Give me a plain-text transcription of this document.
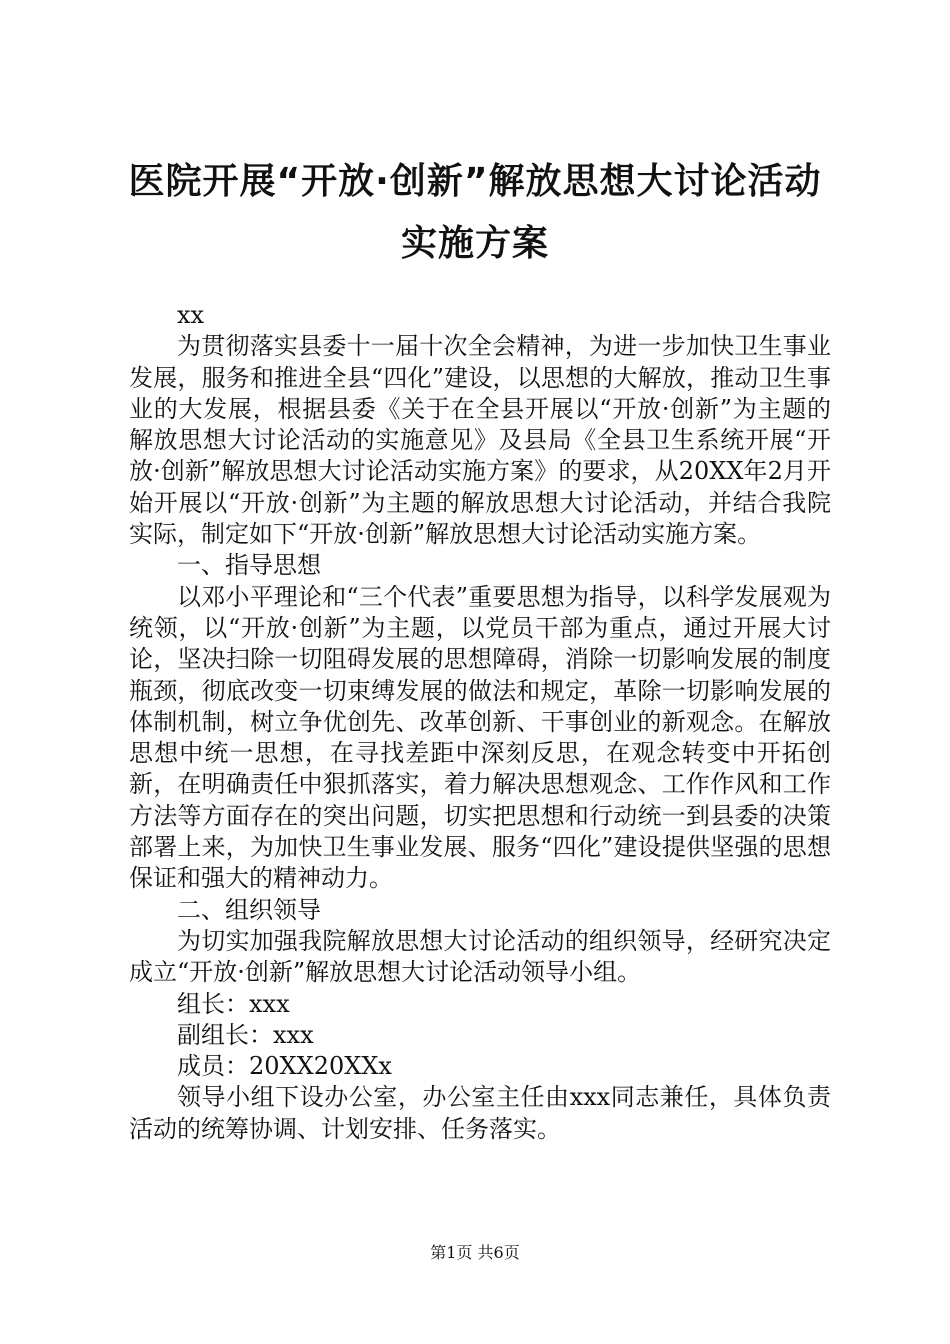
医院开展“开放·创新”解放思想大讨论活动
实施方案

xx

为贯彻落实县委十一届十次全会精神，为进一步加快卫生事业发展，服务和推进全县“四化”建设，以思想的大解放，推动卫生事业的大发展，根据县委《关于在全县开展以“开放·创新”为主题的解放思想大讨论活动的实施意见》及县局《全县卫生系统开展“开放·创新”解放思想大讨论活动实施方案》的要求，从20XX年2月开始开展以“开放·创新”为主题的解放思想大讨论活动，并结合我院实际，制定如下“开放·创新”解放思想大讨论活动实施方案。

一、指导思想

以邓小平理论和“三个代表”重要思想为指导，以科学发展观为统领，以“开放·创新”为主题，以党员干部为重点，通过开展大讨论，坚决扫除一切阻碍发展的思想障碍，消除一切影响发展的制度瓶颈，彻底改变一切束缚发展的做法和规定，革除一切影响发展的体制机制，树立争优创先、改革创新、干事创业的新观念。在解放思想中统一思想，在寻找差距中深刻反思，在观念转变中开拓创新，在明确责任中狠抓落实，着力解决思想观念、工作作风和工作方法等方面存在的突出问题，切实把思想和行动统一到县委的决策部署上来，为加快卫生事业发展、服务“四化”建设提供坚强的思想保证和强大的精神动力。

二、组织领导

为切实加强我院解放思想大讨论活动的组织领导，经研究决定成立“开放·创新”解放思想大讨论活动领导小组。

组长：xxx

副组长：xxx

成员：20XX20XXx

领导小组下设办公室，办公室主任由xxx同志兼任，具体负责活动的统筹协调、计划安排、任务落实。

第1页 共6页
